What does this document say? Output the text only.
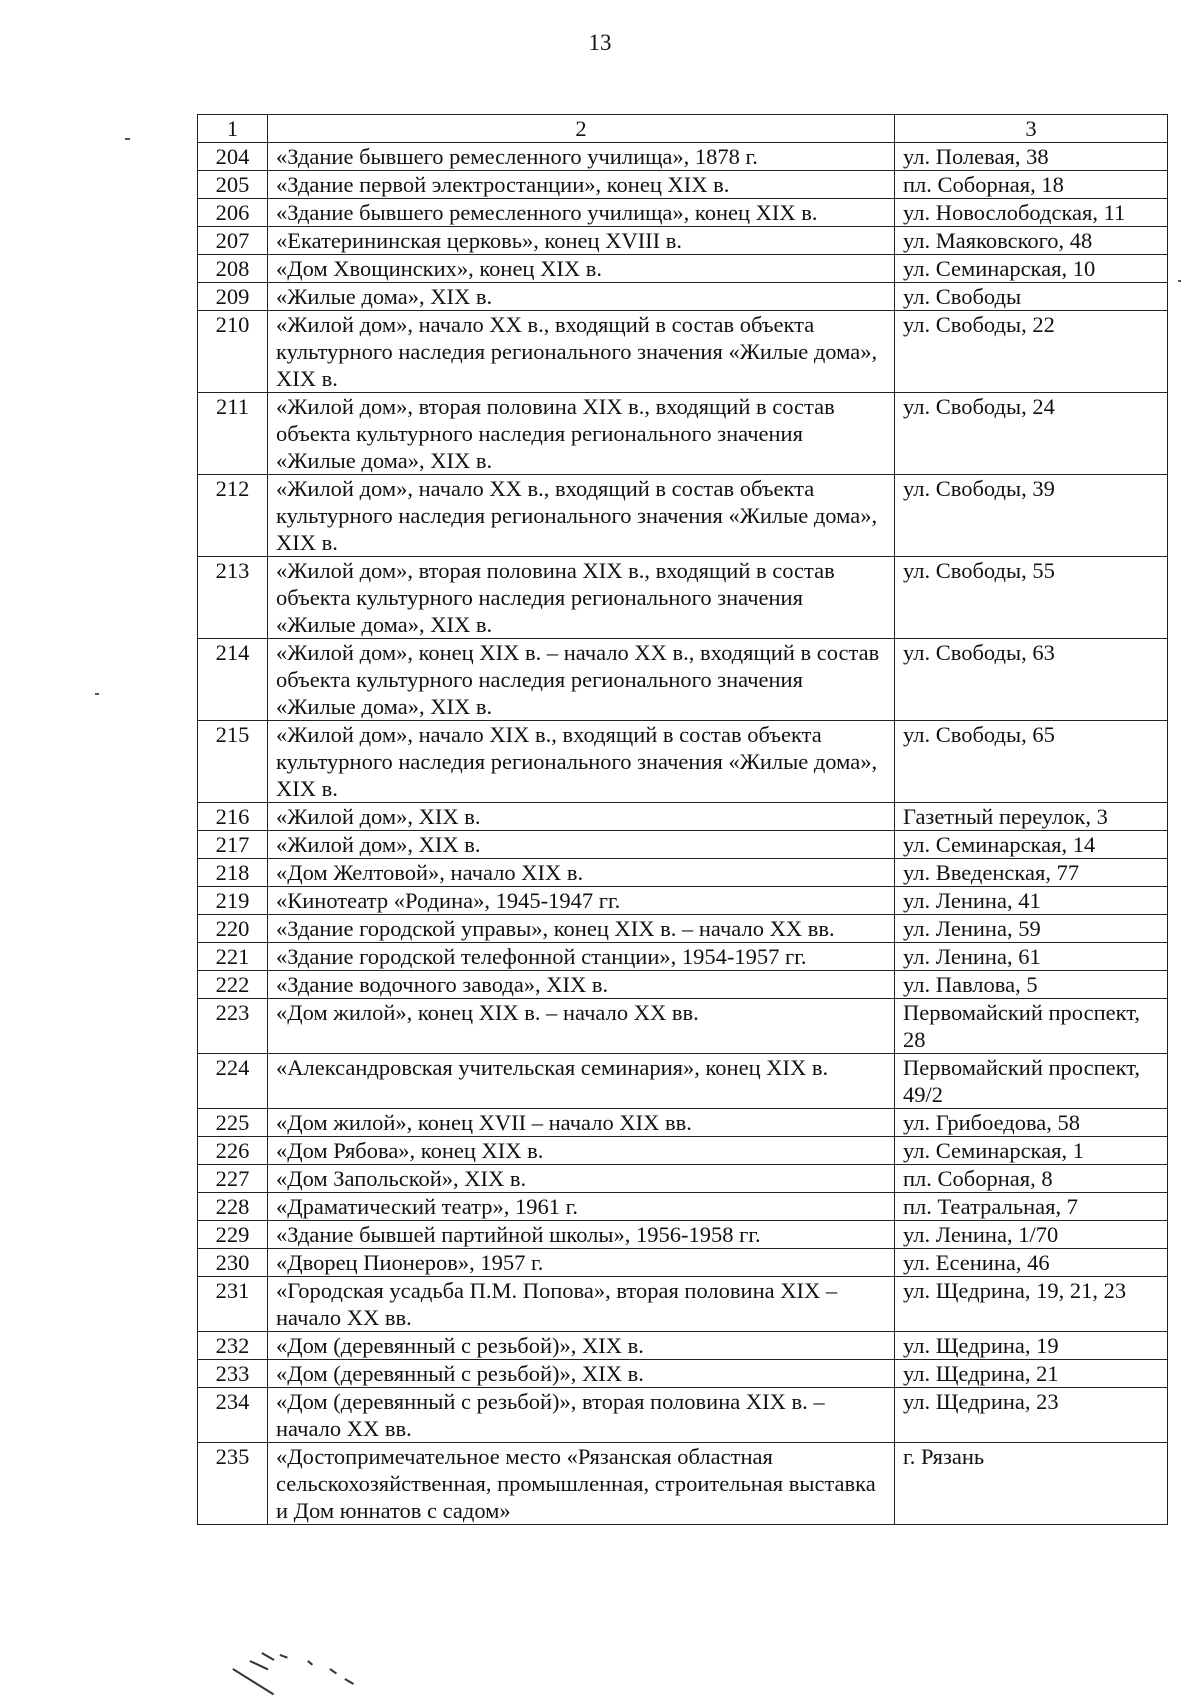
13
1	2	3
204	«Здание бывшего ремесленного училища», 1878 г.	ул. Полевая, 38
205	«Здание первой электростанции», конец XIX в.	пл. Соборная, 18
206	«Здание бывшего ремесленного училища», конец XIX в.	ул. Новослободская, 11
207	«Екатерининская церковь», конец XVIII в.	ул. Маяковского, 48
208	«Дом Хвощинских», конец XIX в.	ул. Семинарская, 10
209	«Жилые дома», XIX в.	ул. Свободы
210	«Жилой дом», начало XX в., входящий в состав объекта культурного наследия регионального значения «Жилые дома», XIX в.	ул. Свободы, 22
211	«Жилой дом», вторая половина XIX в., входящий в состав объекта культурного наследия регионального значения «Жилые дома», XIX в.	ул. Свободы, 24
212	«Жилой дом», начало XX в., входящий в состав объекта культурного наследия регионального значения «Жилые дома», XIX в.	ул. Свободы, 39
213	«Жилой дом», вторая половина XIX в., входящий в состав объекта культурного наследия регионального значения «Жилые дома», XIX в.	ул. Свободы, 55
214	«Жилой дом», конец XIX в. – начало XX в., входящий в состав объекта культурного наследия регионального значения «Жилые дома», XIX в.	ул. Свободы, 63
215	«Жилой дом», начало XIX в., входящий в состав объекта культурного наследия регионального значения «Жилые дома», XIX в.	ул. Свободы, 65
216	«Жилой дом», XIX в.	Газетный переулок, 3
217	«Жилой дом», XIX в.	ул. Семинарская, 14
218	«Дом Желтовой», начало XIX в.	ул. Введенская, 77
219	«Кинотеатр «Родина», 1945-1947 гг.	ул. Ленина, 41
220	«Здание городской управы», конец XIX в. – начало XX вв.	ул. Ленина, 59
221	«Здание городской телефонной станции», 1954-1957 гг.	ул. Ленина, 61
222	«Здание водочного завода», XIX в.	ул. Павлова, 5
223	«Дом жилой», конец XIX в. – начало XX вв.	Первомайский проспект, 28
224	«Александровская учительская семинария», конец XIX в.	Первомайский проспект, 49/2
225	«Дом жилой», конец XVII – начало XIX вв.	ул. Грибоедова, 58
226	«Дом Рябова», конец XIX в.	ул. Семинарская, 1
227	«Дом Запольской», XIX в.	пл. Соборная, 8
228	«Драматический театр», 1961 г.	пл. Театральная, 7
229	«Здание бывшей партийной школы», 1956-1958 гг.	ул. Ленина, 1/70
230	«Дворец Пионеров», 1957 г.	ул. Есенина, 46
231	«Городская усадьба П.М. Попова», вторая половина XIX – начало XX вв.	ул. Щедрина, 19, 21, 23
232	«Дом (деревянный с резьбой)», XIX в.	ул. Щедрина, 19
233	«Дом (деревянный с резьбой)», XIX в.	ул. Щедрина, 21
234	«Дом (деревянный с резьбой)», вторая половина XIX в. – начало XX вв.	ул. Щедрина, 23
235	«Достопримечательное место «Рязанская областная сельскохозяйственная, промышленная, строительная выставка и Дом юннатов с садом»	г. Рязань
